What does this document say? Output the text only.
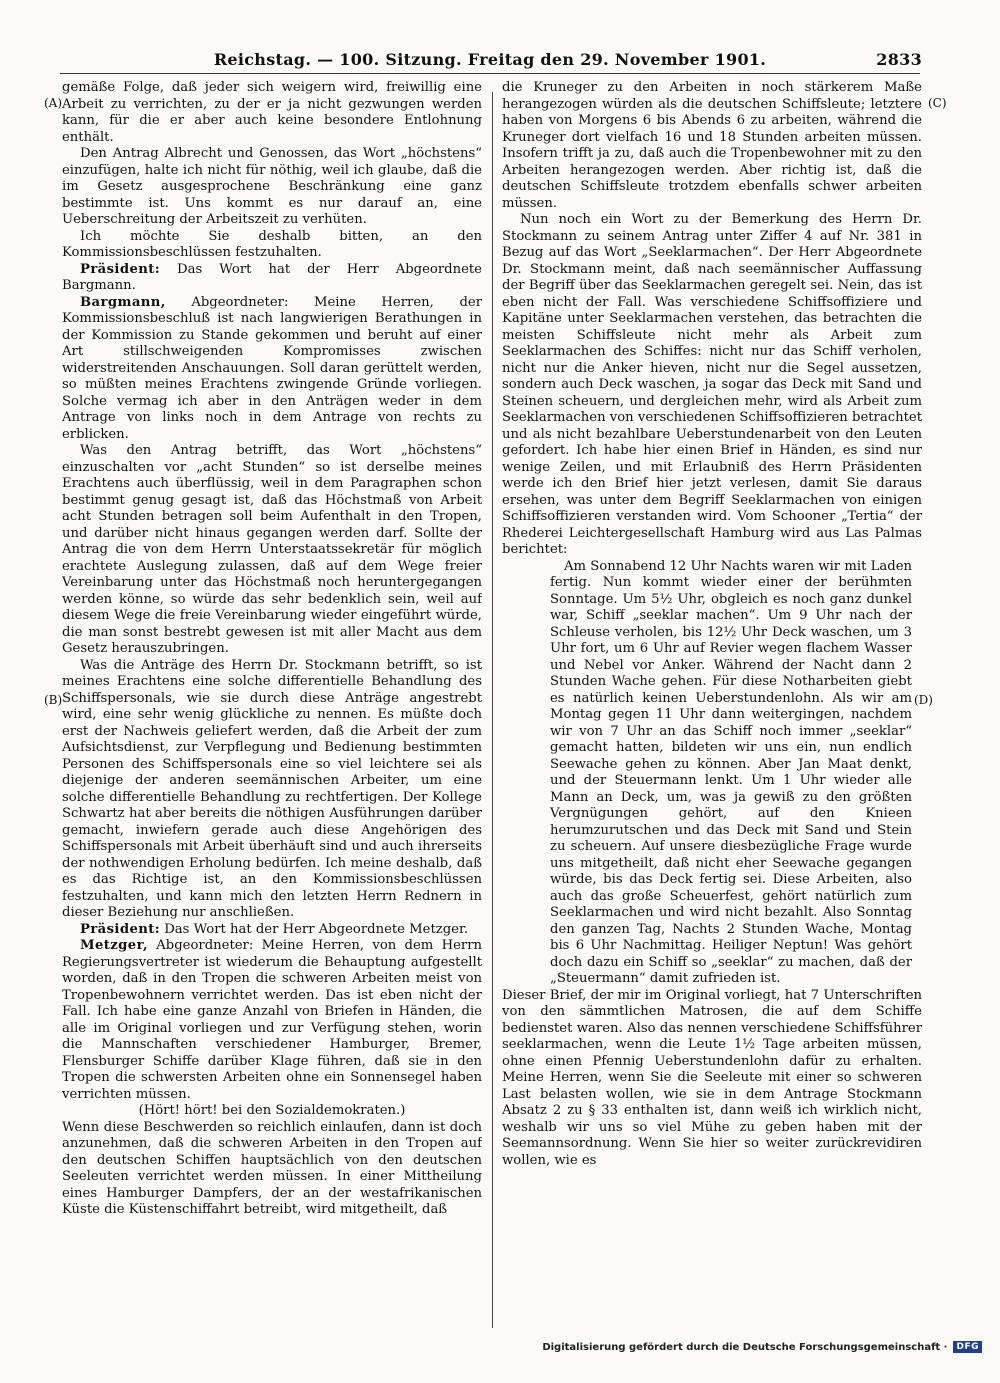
Reichstag. — 100. Sitzung. Freitag den 29. November 1901.	2833
(A)
(B)
(C)
(D)

gemäße Folge, daß jeder sich weigern wird, freiwillig eine Arbeit zu verrichten, zu der er ja nicht gezwungen werden kann, für die er aber auch keine besondere Entlohnung enthält.

Den Antrag Albrecht und Genossen, das Wort „höchstens“ einzufügen, halte ich nicht für nöthig, weil ich glaube, daß die im Gesetz ausgesprochene Beschränkung eine ganz bestimmte ist. Uns kommt es nur darauf an, eine Ueberschreitung der Arbeitszeit zu verhüten.

Ich möchte Sie deshalb bitten, an den Kommissionsbeschlüssen festzuhalten.

Präsident: Das Wort hat der Herr Abgeordnete Bargmann.

Bargmann, Abgeordneter: Meine Herren, der Kommissionsbeschluß ist nach langwierigen Berathungen in der Kommission zu Stande gekommen und beruht auf einer Art stillschweigenden Kompromisses zwischen widerstreitenden Anschauungen. Soll daran gerüttelt werden, so müßten meines Erachtens zwingende Gründe vorliegen. Solche vermag ich aber in den Anträgen weder in dem Antrage von links noch in dem Antrage von rechts zu erblicken.

Was den Antrag betrifft, das Wort „höchstens“ einzuschalten vor „acht Stunden“ so ist derselbe meines Erachtens auch überflüssig, weil in dem Paragraphen schon bestimmt genug gesagt ist, daß das Höchstmaß von Arbeit acht Stunden betragen soll beim Aufenthalt in den Tropen, und darüber nicht hinaus gegangen werden darf. Sollte der Antrag die von dem Herrn Unterstaatssekretär für möglich erachtete Auslegung zulassen, daß auf dem Wege freier Vereinbarung unter das Höchstmaß noch heruntergegangen werden könne, so würde das sehr bedenklich sein, weil auf diesem Wege die freie Vereinbarung wieder eingeführt würde, die man sonst bestrebt gewesen ist mit aller Macht aus dem Gesetz herauszubringen.

Was die Anträge des Herrn Dr. Stockmann betrifft, so ist meines Erachtens eine solche differentielle Behandlung des Schiffspersonals, wie sie durch diese Anträge angestrebt wird, eine sehr wenig glückliche zu nennen. Es müßte doch erst der Nachweis geliefert werden, daß die Arbeit der zum Aufsichtsdienst, zur Verpflegung und Bedienung bestimmten Personen des Schiffspersonals eine so viel leichtere sei als diejenige der anderen seemännischen Arbeiter, um eine solche differentielle Behandlung zu rechtfertigen. Der Kollege Schwartz hat aber bereits die nöthigen Ausführungen darüber gemacht, inwiefern gerade auch diese Angehörigen des Schiffspersonals mit Arbeit überhäuft sind und auch ihrerseits der nothwendigen Erholung bedürfen. Ich meine deshalb, daß es das Richtige ist, an den Kommissionsbeschlüssen festzuhalten, und kann mich den letzten Herrn Rednern in dieser Beziehung nur anschließen.

Präsident: Das Wort hat der Herr Abgeordnete Metzger.

Metzger, Abgeordneter: Meine Herren, von dem Herrn Regierungsvertreter ist wiederum die Behauptung aufgestellt worden, daß in den Tropen die schweren Arbeiten meist von Tropenbewohnern verrichtet werden. Das ist eben nicht der Fall. Ich habe eine ganze Anzahl von Briefen in Händen, die alle im Original vorliegen und zur Verfügung stehen, worin die Mannschaften verschiedener Hamburger, Bremer, Flensburger Schiffe darüber Klage führen, daß sie in den Tropen die schwersten Arbeiten ohne ein Sonnensegel haben verrichten müssen.

(Hört! hört! bei den Sozialdemokraten.)

Wenn diese Beschwerden so reichlich einlaufen, dann ist doch anzunehmen, daß die schweren Arbeiten in den Tropen auf den deutschen Schiffen hauptsächlich von den deutschen Seeleuten verrichtet werden müssen. In einer Mittheilung eines Hamburger Dampfers, der an der westafrikanischen Küste die Küstenschiffahrt betreibt, wird mitgetheilt, daß

die Kruneger zu den Arbeiten in noch stärkerem Maße herangezogen würden als die deutschen Schiffsleute; letztere haben von Morgens 6 bis Abends 6 zu arbeiten, während die Kruneger dort vielfach 16 und 18 Stunden arbeiten müssen. Insofern trifft ja zu, daß auch die Tropenbewohner mit zu den Arbeiten herangezogen werden. Aber richtig ist, daß die deutschen Schiffsleute trotzdem ebenfalls schwer arbeiten müssen.

Nun noch ein Wort zu der Bemerkung des Herrn Dr. Stockmann zu seinem Antrag unter Ziffer 4 auf Nr. 381 in Bezug auf das Wort „Seeklarmachen“. Der Herr Abgeordnete Dr. Stockmann meint, daß nach seemännischer Auffassung der Begriff über das Seeklarmachen geregelt sei. Nein, das ist eben nicht der Fall. Was verschiedene Schiffsoffiziere und Kapitäne unter Seeklarmachen verstehen, das betrachten die meisten Schiffsleute nicht mehr als Arbeit zum Seeklarmachen des Schiffes: nicht nur das Schiff verholen, nicht nur die Anker hieven, nicht nur die Segel aussetzen, sondern auch Deck waschen, ja sogar das Deck mit Sand und Steinen scheuern, und dergleichen mehr, wird als Arbeit zum Seeklarmachen von verschiedenen Schiffsoffizieren betrachtet und als nicht bezahlbare Ueberstundenarbeit von den Leuten gefordert. Ich habe hier einen Brief in Händen, es sind nur wenige Zeilen, und mit Erlaubniß des Herrn Präsidenten werde ich den Brief hier jetzt verlesen, damit Sie daraus ersehen, was unter dem Begriff Seeklarmachen von einigen Schiffsoffizieren verstanden wird. Vom Schooner „Tertia“ der Rhederei Leichtergesellschaft Hamburg wird aus Las Palmas berichtet:

Am Sonnabend 12 Uhr Nachts waren wir mit Laden fertig. Nun kommt wieder einer der berühmten Sonntage. Um 5½ Uhr, obgleich es noch ganz dunkel war, Schiff „seeklar machen“. Um 9 Uhr nach der Schleuse verholen, bis 12½ Uhr Deck waschen, um 3 Uhr fort, um 6 Uhr auf Revier wegen flachem Wasser und Nebel vor Anker. Während der Nacht dann 2 Stunden Wache gehen. Für diese Notharbeiten giebt es natürlich keinen Ueberstundenlohn. Als wir am Montag gegen 11 Uhr dann weitergingen, nachdem wir von 7 Uhr an das Schiff noch immer „seeklar“ gemacht hatten, bildeten wir uns ein, nun endlich Seewache gehen zu können. Aber Jan Maat denkt, und der Steuermann lenkt. Um 1 Uhr wieder alle Mann an Deck, um, was ja gewiß zu den größten Vergnügungen gehört, auf den Knieen herumzurutschen und das Deck mit Sand und Stein zu scheuern. Auf unsere diesbezügliche Frage wurde uns mitgetheilt, daß nicht eher Seewache gegangen würde, bis das Deck fertig sei. Diese Arbeiten, also auch das große Scheuerfest, gehört natürlich zum Seeklarmachen und wird nicht bezahlt. Also Sonntag den ganzen Tag, Nachts 2 Stunden Wache, Montag bis 6 Uhr Nachmittag. Heiliger Neptun! Was gehört doch dazu ein Schiff so „seeklar“ zu machen, daß der „Steuermann“ damit zufrieden ist.

Dieser Brief, der mir im Original vorliegt, hat 7 Unterschriften von den sämmtlichen Matrosen, die auf dem Schiffe bedienstet waren. Also das nennen verschiedene Schiffsführer seeklarmachen, wenn die Leute 1½ Tage arbeiten müssen, ohne einen Pfennig Ueberstundenlohn dafür zu erhalten. Meine Herren, wenn Sie die Seeleute mit einer so schweren Last belasten wollen, wie sie in dem Antrage Stockmann Absatz 2 zu § 33 enthalten ist, dann weiß ich wirklich nicht, weshalb wir uns so viel Mühe zu geben haben mit der Seemannsordnung. Wenn Sie hier so weiter zurückrevidiren wollen, wie es

Digitalisierung gefördert durch die Deutsche Forschungsgemeinschaft ·	DFG
